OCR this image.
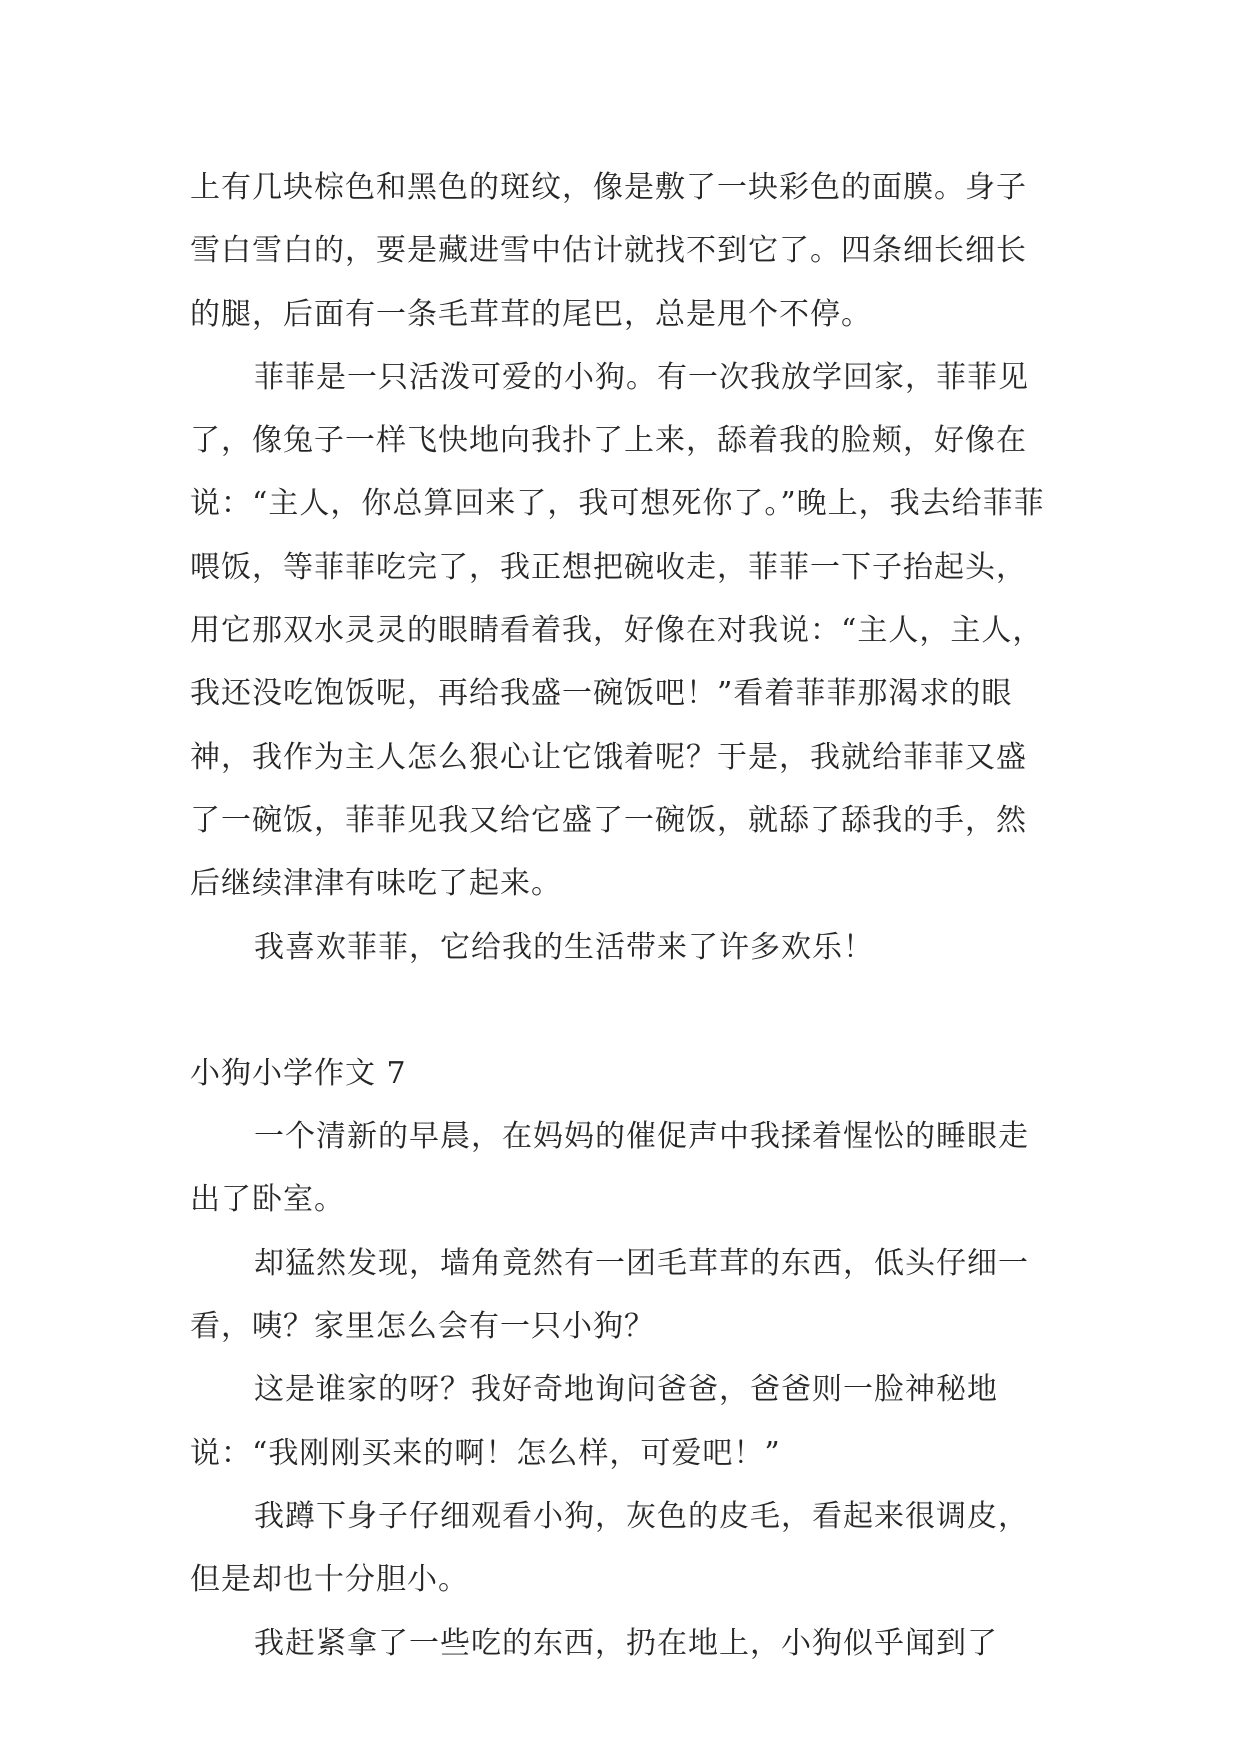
上有几块棕色和黑色的斑纹，像是敷了一块彩色的面膜。身子雪白雪白的，要是藏进雪中估计就找不到它了。四条细长细长的腿，后面有一条毛茸茸的尾巴，总是甩个不停。

菲菲是一只活泼可爱的小狗。有一次我放学回家，菲菲见了，像兔子一样飞快地向我扑了上来，舔着我的脸颊，好像在说：“主人，你总算回来了，我可想死你了。”晚上，我去给菲菲喂饭，等菲菲吃完了，我正想把碗收走，菲菲一下子抬起头，用它那双水灵灵的眼睛看着我，好像在对我说：“主人，主人，我还没吃饱饭呢，再给我盛一碗饭吧！”看着菲菲那渴求的眼神，我作为主人怎么狠心让它饿着呢？于是，我就给菲菲又盛了一碗饭，菲菲见我又给它盛了一碗饭，就舔了舔我的手，然后继续津津有味吃了起来。

我喜欢菲菲，它给我的生活带来了许多欢乐！

小狗小学作文 7

一个清新的早晨，在妈妈的催促声中我揉着惺忪的睡眼走出了卧室。

却猛然发现，墙角竟然有一团毛茸茸的东西，低头仔细一看，咦？家里怎么会有一只小狗？

这是谁家的呀？我好奇地询问爸爸，爸爸则一脸神秘地说：“我刚刚买来的啊！怎么样，可爱吧！”

我蹲下身子仔细观看小狗，灰色的皮毛，看起来很调皮，但是却也十分胆小。

我赶紧拿了一些吃的东西，扔在地上，小狗似乎闻到了
